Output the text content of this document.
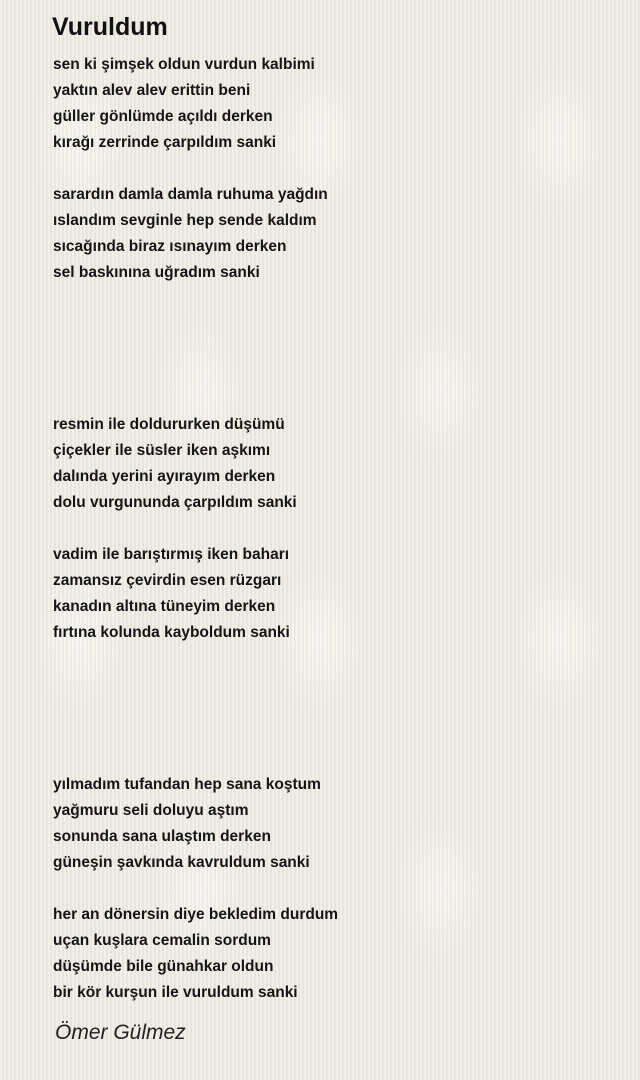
Vuruldum
sen ki şimşek oldun vurdun kalbimi
yaktın alev alev erittin beni
güller gönlümde açıldı derken
kırağı zerrinde çarpıldım sanki
sarardın damla damla ruhuma yağdın
ıslandım sevginle hep sende kaldım
sıcağında biraz ısınayım derken
sel baskınına uğradım sanki
resmin ile doldururken düşümü
çiçekler ile süsler iken aşkımı
dalında yerini ayırayım derken
dolu vurgununda çarpıldım sanki
vadim ile barıştırmış iken baharı
zamansız çevirdin esen rüzgarı
kanadın altına tüneyim derken
fırtına kolunda kayboldum sanki
yılmadım tufandan hep sana koştum
yağmuru seli doluyu aştım
sonunda sana ulaştım derken
güneşin şavkında kavruldum sanki
her an dönersin diye bekledim durdum
uçan kuşlara cemalin sordum
düşümde bile günahkar oldun
bir kör kurşun ile vuruldum sanki
Ömer Gülmez
